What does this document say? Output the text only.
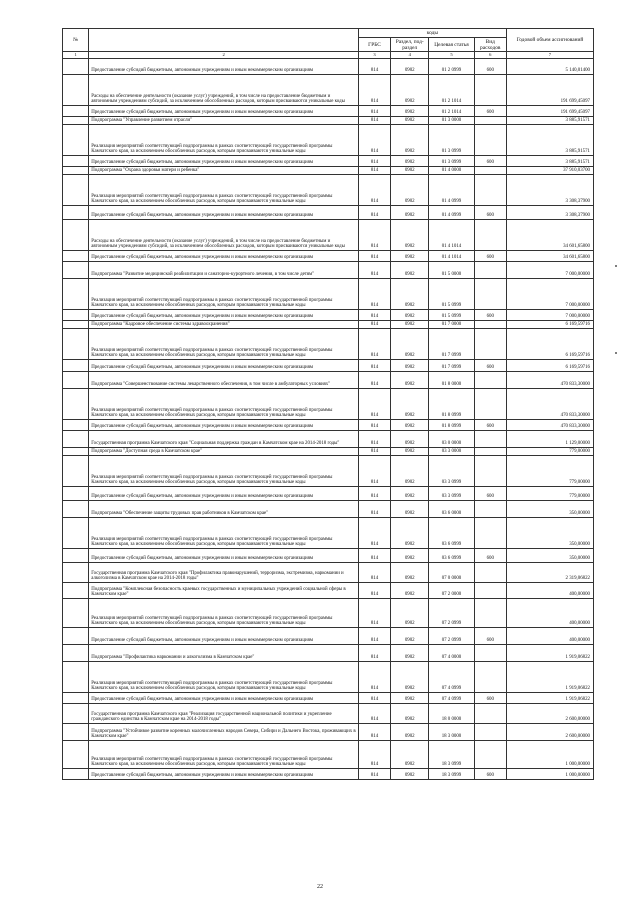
№		коды				Годовой объем ассигнований
		ГРБС	Раздел, под-раздел	Целевая статья	Вид расходов	
1	2	3	4	5	6	7
	Предоставление субсидий бюджетным, автономным учреждениям и иным некоммерческим организациям	814	0902	01 2 0999	600	5 140,01400
	Расходы на обеспечение деятельности (оказание услуг) учреждений, в том числе на предоставление бюджетным и автономным учреждениям субсидий, за исключением обособленных расходов, которым присваиваются уникальные коды	814	0902	01 2 1014		191 699,45097
	Предоставление субсидий бюджетным, автономным учреждениям и иным некоммерческим организациям	814	0902	01 2 1014	600	191 699,45097
	Подпрограмма "Управление развитием отрасли"	814	0902	01 3 0000		3 885,91571
	Реализация мероприятий соответствующей подпрограммы в рамках соответствующей государственной программы Камчатского края, за исключением обособленных расходов, которым присваиваются уникальные коды	814	0902	01 3 0999		3 885,91571
	Предоставление субсидий бюджетным, автономным учреждениям и иным некоммерческим организациям	814	0902	01 3 0999	600	3 885,91571
	Подпрограмма "Охрана здоровья матери и ребенка"	814	0902	01 4 0000		37 910,03700
	Реализация мероприятий соответствующей подпрограммы в рамках соответствующей государственной программы Камчатского края, за исключением обособленных расходов, которым присваиваются уникальные коды	814	0902	01 4 0999		3 308,37900
	Предоставление субсидий бюджетным, автономным учреждениям и иным некоммерческим организациям	814	0902	01 4 0999	600	3 308,37900
	Расходы на обеспечение деятельности (оказание услуг) учреждений, в том числе на предоставление бюджетным и автономным учреждениям субсидий, за исключением обособленных расходов, которым присваиваются уникальные коды	814	0902	01 4 1014		34 601,65800
	Предоставление субсидий бюджетным, автономным учреждениям и иным некоммерческим организациям	814	0902	01 4 1014	600	34 601,65800
	Подпрограмма "Развитие медицинской реабилитации и санаторно-курортного лечения, в том числе детям"	814	0902	01 5 0000		7 000,00000
	Реализация мероприятий соответствующей подпрограммы в рамках соответствующей государственной программы Камчатского края, за исключением обособленных расходов, которым присваиваются уникальные коды	814	0902	01 5 0999		7 000,00000
	Предоставление субсидий бюджетным, автономным учреждениям и иным некоммерческим организациям	814	0902	01 5 0999	600	7 000,00000
	Подпрограмма "Кадровое обеспечение системы здравоохранения"	814	0902	01 7 0000		6 169,59716
	Реализация мероприятий соответствующей подпрограммы в рамках соответствующей государственной программы Камчатского края, за исключением обособленных расходов, которым присваиваются уникальные коды	814	0902	01 7 0999		6 169,59716
	Предоставление субсидий бюджетным, автономным учреждениям и иным некоммерческим организациям	814	0902	01 7 0999	600	6 169,59716
	Подпрограмма "Совершенствование системы лекарственного обеспечения, в том числе в амбулаторных условиях"	814	0902	01 8 0000		470 833,30000
	Реализация мероприятий соответствующей подпрограммы в рамках соответствующей государственной программы Камчатского края, за исключением обособленных расходов, которым присваиваются уникальные коды	814	0902	01 8 0999		470 833,30000
	Предоставление субсидий бюджетным, автономным учреждениям и иным некоммерческим организациям	814	0902	01 8 0999	600	470 833,30000
	Государственная программа Камчатского края "Социальная поддержка граждан в Камчатском крае на 2014-2018 годы"	814	0902	03 0 0000		1 129,00000
	Подпрограмма "Доступная среда в Камчатском крае"	814	0902	03 3 0000		779,00000
	Реализация мероприятий соответствующей подпрограммы в рамках соответствующей государственной программы Камчатского края, за исключением обособленных расходов, которым присваиваются уникальные коды	814	0902	03 3 0999		779,00000
	Предоставление субсидий бюджетным, автономным учреждениям и иным некоммерческим организациям	814	0902	03 3 0999	600	779,00000
	Подпрограмма "Обеспечение защиты трудовых прав работников в Камчатском крае"	814	0902	03 6 0000		350,00000
	Реализация мероприятий соответствующей подпрограммы в рамках соответствующей государственной программы Камчатского края, за исключением обособленных расходов, которым присваиваются уникальные коды	814	0902	03 6 0999		350,00000
	Предоставление субсидий бюджетным, автономным учреждениям и иным некоммерческим организациям	814	0902	03 6 0999	600	350,00000
	Государственная программа Камчатского края "Профилактика правонарушений, терроризма, экстремизма, наркомании и алкоголизма в Камчатском крае на 2014-2018 годы"	814	0902	07 0 0000		2 319,06822
	Подпрограмма "Комплексная безопасность краевых государственных и муниципальных учреждений социальной сферы в Камчатском крае"	814	0902	07 2 0000		400,00000
	Реализация мероприятий соответствующей подпрограммы в рамках соответствующей государственной программы Камчатского края, за исключением обособленных расходов, которым присваиваются уникальные коды	814	0902	07 2 0999		400,00000
	Предоставление субсидий бюджетным, автономным учреждениям и иным некоммерческим организациям	814	0902	07 2 0999	600	400,00000
	Подпрограмма "Профилактика наркомании и алкоголизма в Камчатском крае"	814	0902	07 4 0000		1 919,06822
	Реализация мероприятий соответствующей подпрограммы в рамках соответствующей государственной программы Камчатского края, за исключением обособленных расходов, которым присваиваются уникальные коды	814	0902	07 4 0999		1 919,06822
	Предоставление субсидий бюджетным, автономным учреждениям и иным некоммерческим организациям	814	0902	07 4 0999	600	1 919,06822
	Государственная программа Камчатского края "Реализация государственной национальной политики и укрепление гражданского единства в Камчатском крае на 2014-2018 годы"	814	0902	18 0 0000		2 600,00000
	Подпрограмма "Устойчивое развитие коренных малочисленных народов Севера, Сибири и Дальнего Востока, проживающих в Камчатском крае"	814	0902	18 3 0000		2 600,00000
	Реализация мероприятий соответствующей подпрограммы в рамках соответствующей государственной программы Камчатского края, за исключением обособленных расходов, которым присваиваются уникальные коды	814	0902	18 3 0999		1 000,00000
	Предоставление субсидий бюджетным, автономным учреждениям и иным некоммерческим организациям	814	0902	18 3 0999	600	1 000,00000
22
